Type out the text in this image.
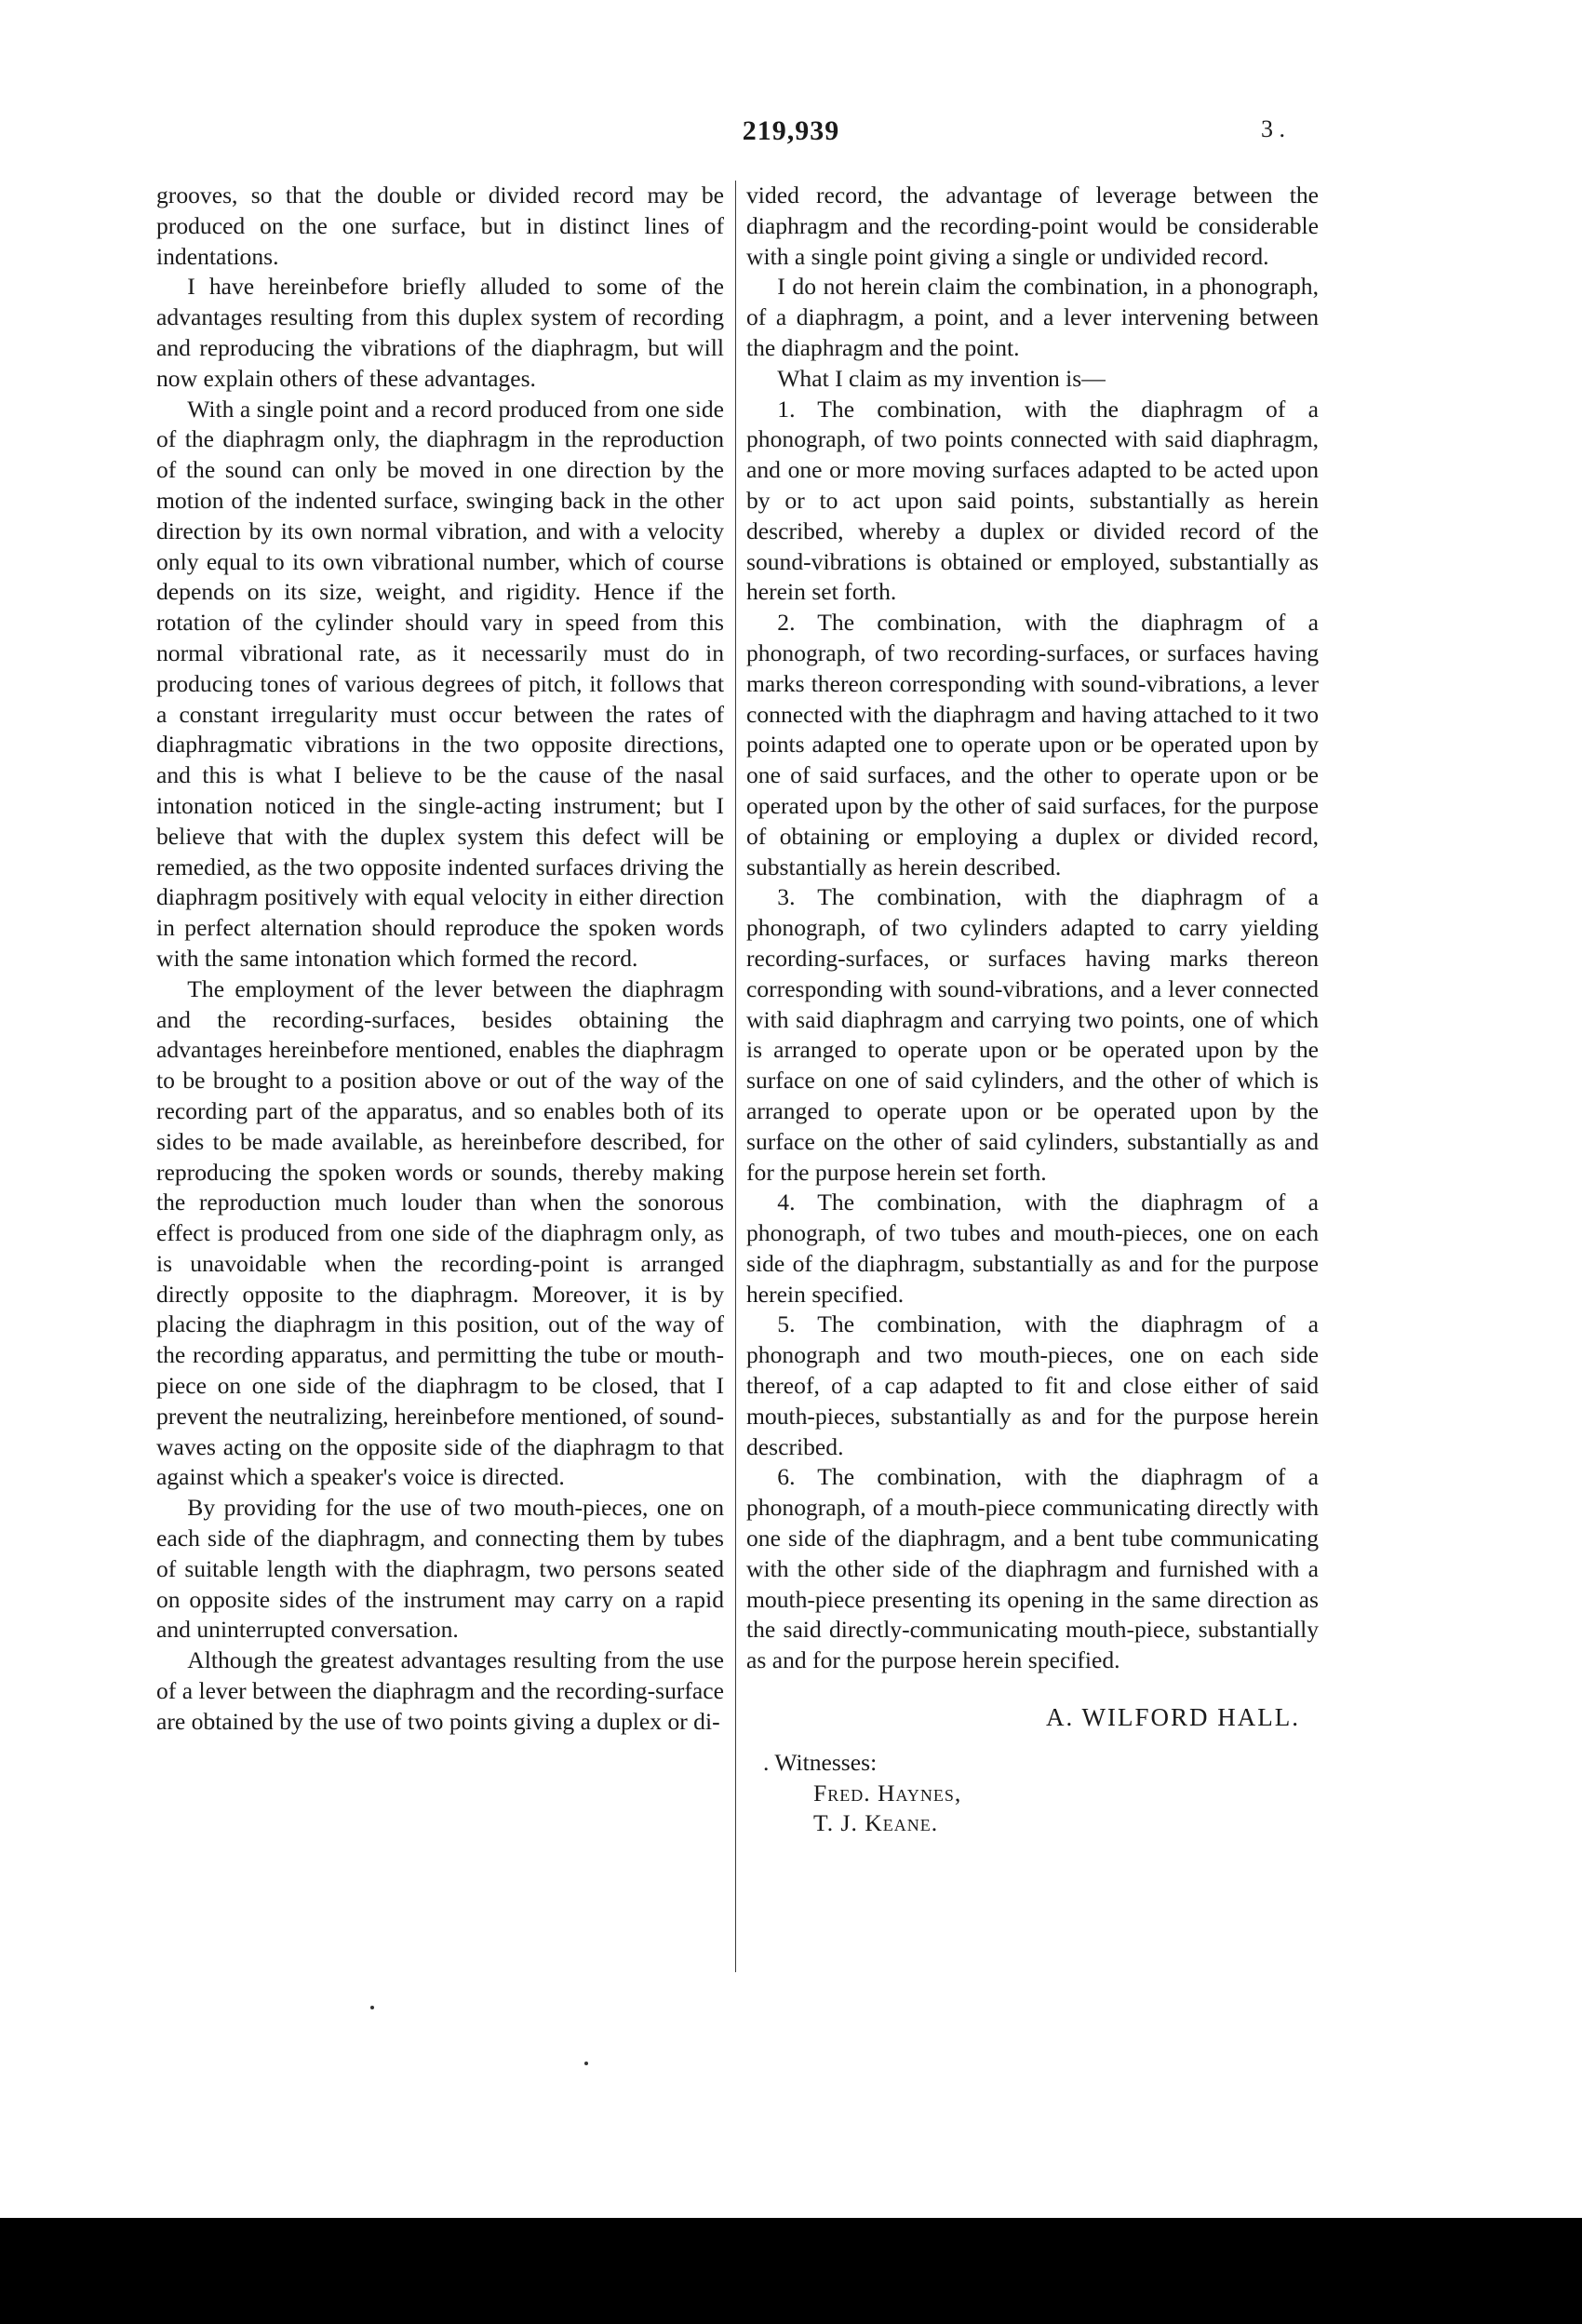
219,939	3 .

grooves, so that the double or divided record may be produced on the one surface, but in distinct lines of indentations.

I have hereinbefore briefly alluded to some of the advantages resulting from this duplex system of recording and reproducing the vibrations of the diaphragm, but will now explain others of these advantages.

With a single point and a record produced from one side of the diaphragm only, the diaphragm in the reproduction of the sound can only be moved in one direction by the motion of the indented surface, swinging back in the other direction by its own normal vibration, and with a velocity only equal to its own vibrational number, which of course depends on its size, weight, and rigidity. Hence if the rotation of the cylinder should vary in speed from this normal vibrational rate, as it necessarily must do in producing tones of various degrees of pitch, it follows that a constant irregularity must occur between the rates of diaphragmatic vibrations in the two opposite directions, and this is what I believe to be the cause of the nasal intonation noticed in the single-acting instrument; but I believe that with the duplex system this defect will be remedied, as the two opposite indented surfaces driving the diaphragm positively with equal velocity in either direction in perfect alternation should reproduce the spoken words with the same intonation which formed the record.

The employment of the lever between the diaphragm and the recording-surfaces, besides obtaining the advantages hereinbefore mentioned, enables the diaphragm to be brought to a position above or out of the way of the recording part of the apparatus, and so enables both of its sides to be made available, as hereinbefore described, for reproducing the spoken words or sounds, thereby making the reproduction much louder than when the sonorous effect is produced from one side of the diaphragm only, as is unavoidable when the recording-point is arranged directly opposite to the diaphragm. Moreover, it is by placing the diaphragm in this position, out of the way of the recording apparatus, and permitting the tube or mouth-piece on one side of the diaphragm to be closed, that I prevent the neutralizing, hereinbefore mentioned, of sound-waves acting on the opposite side of the diaphragm to that against which a speaker's voice is directed.

By providing for the use of two mouth-pieces, one on each side of the diaphragm, and connecting them by tubes of suitable length with the diaphragm, two persons seated on opposite sides of the instrument may carry on a rapid and uninterrupted conversation.

Although the greatest advantages resulting from the use of a lever between the diaphragm and the recording-surface are obtained by the use of two points giving a duplex or di-

vided record, the advantage of leverage between the diaphragm and the recording-point would be considerable with a single point giving a single or undivided record.

I do not herein claim the combination, in a phonograph, of a diaphragm, a point, and a lever intervening between the diaphragm and the point.

What I claim as my invention is—

1. The combination, with the diaphragm of a phonograph, of two points connected with said diaphragm, and one or more moving surfaces adapted to be acted upon by or to act upon said points, substantially as herein described, whereby a duplex or divided record of the sound-vibrations is obtained or employed, substantially as herein set forth.

2. The combination, with the diaphragm of a phonograph, of two recording-surfaces, or surfaces having marks thereon corresponding with sound-vibrations, a lever connected with the diaphragm and having attached to it two points adapted one to operate upon or be operated upon by one of said surfaces, and the other to operate upon or be operated upon by the other of said surfaces, for the purpose of obtaining or employing a duplex or divided record, substantially as herein described.

3. The combination, with the diaphragm of a phonograph, of two cylinders adapted to carry yielding recording-surfaces, or surfaces having marks thereon corresponding with sound-vibrations, and a lever connected with said diaphragm and carrying two points, one of which is arranged to operate upon or be operated upon by the surface on one of said cylinders, and the other of which is arranged to operate upon or be operated upon by the surface on the other of said cylinders, substantially as and for the purpose herein set forth.

4. The combination, with the diaphragm of a phonograph, of two tubes and mouth-pieces, one on each side of the diaphragm, substantially as and for the purpose herein specified.

5. The combination, with the diaphragm of a phonograph and two mouth-pieces, one on each side thereof, of a cap adapted to fit and close either of said mouth-pieces, substantially as and for the purpose herein described.

6. The combination, with the diaphragm of a phonograph, of a mouth-piece communicating directly with one side of the diaphragm, and a bent tube communicating with the other side of the diaphragm and furnished with a mouth-piece presenting its opening in the same direction as the said directly-communicating mouth-piece, substantially as and for the purpose herein specified.

A. WILFORD HALL.
. Witnesses:
Fred. Haynes,
T. J. Keane.
